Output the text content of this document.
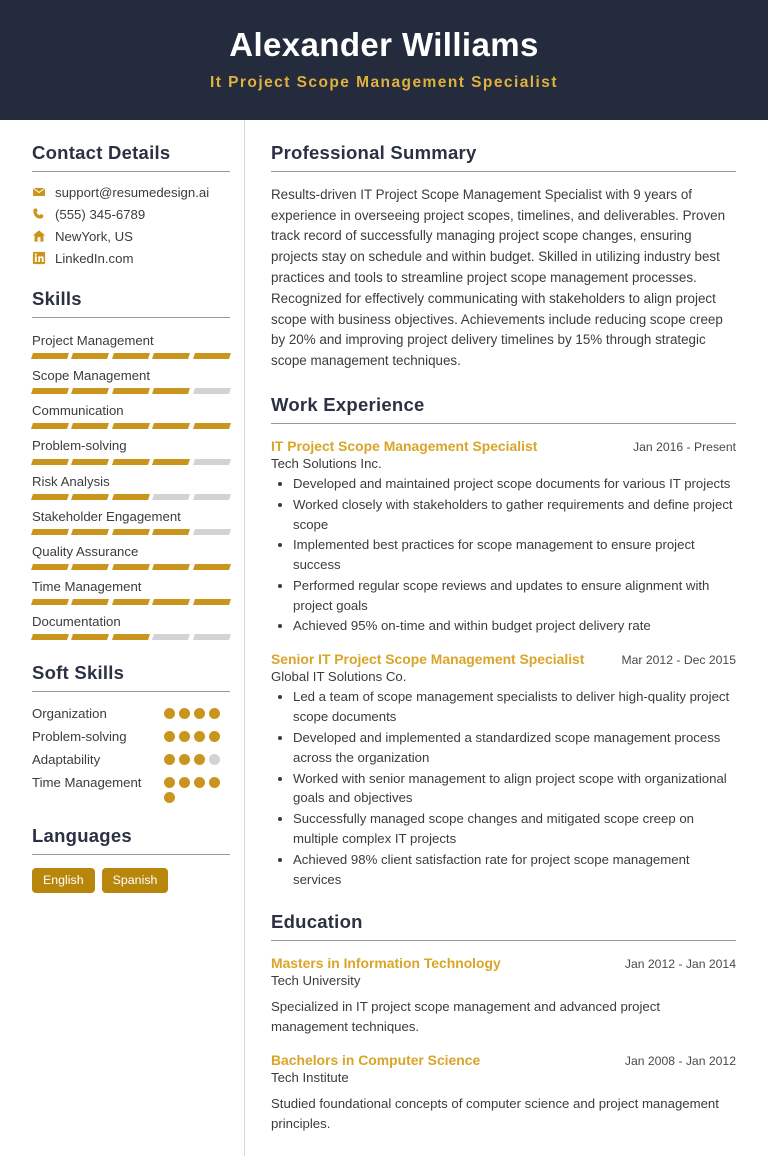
Alexander Williams
It Project Scope Management Specialist
Contact Details
support@resumedesign.ai
(555) 345-6789
NewYork, US
LinkedIn.com
Skills
Project Management
Scope Management
Communication
Problem-solving
Risk Analysis
Stakeholder Engagement
Quality Assurance
Time Management
Documentation
Soft Skills
Organization
Problem-solving
Adaptability
Time Management
Languages
English	Spanish
Professional Summary

Results-driven IT Project Scope Management Specialist with 9 years of experience in overseeing project scopes, timelines, and deliverables. Proven track record of successfully managing project scope changes, ensuring projects stay on schedule and within budget. Skilled in utilizing industry best practices and tools to streamline project scope management processes. Recognized for effectively communicating with stakeholders to align project scope with business objectives. Achievements include reducing scope creep by 20% and improving project delivery timelines by 15% through strategic scope management techniques.

Work Experience
IT Project Scope Management Specialist	Jan 2016 - Present
Tech Solutions Inc.
• Developed and maintained project scope documents for various IT projects
• Worked closely with stakeholders to gather requirements and define project scope
• Implemented best practices for scope management to ensure project success
• Performed regular scope reviews and updates to ensure alignment with project goals
• Achieved 95% on-time and within budget project delivery rate
Senior IT Project Scope Management Specialist	Mar 2012 - Dec 2015
Global IT Solutions Co.
• Led a team of scope management specialists to deliver high-quality project scope documents
• Developed and implemented a standardized scope management process across the organization
• Worked with senior management to align project scope with organizational goals and objectives
• Successfully managed scope changes and mitigated scope creep on multiple complex IT projects
• Achieved 98% client satisfaction rate for project scope management services
Education
Masters in Information Technology	Jan 2012 - Jan 2014
Tech University

Specialized in IT project scope management and advanced project management techniques.

Bachelors in Computer Science	Jan 2008 - Jan 2012
Tech Institute

Studied foundational concepts of computer science and project management principles.
